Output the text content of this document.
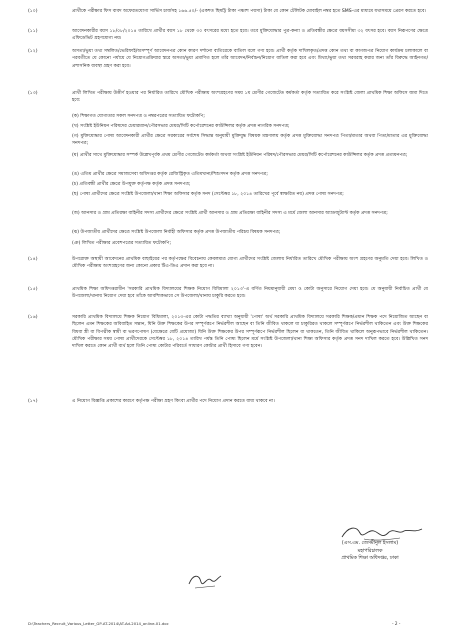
(১০)	প্রার্থীকে পরীক্ষার ফিস বাবদ অফেরতযোগ্য সার্ভিস চার্জসহ ১৬৬.৫০/- (একশত ছিষট্টি টাকা পঞ্চাশ পয়সা) টাকা যে কোন টেলিটক মোবাইল নম্বর হতে SMS-এর মাধ্যমে যথাসময়ে প্রেরণ করতে হবে।
(১১)	আবেদনকারীর বয়স ১৮/০৮/২০১৪ তারিখে প্রার্থীর বয়স ১৮ থেকে ৩০ বৎসরের মধ্যে হতে হবে। তবে মুক্তিযোদ্ধার পুত্র-কন্যা ও প্রতিবন্ধীর ক্ষেত্রে বয়সসীমা ৩২ বৎসর হবে। বয়স নিরূপণের ক্ষেত্রে এফিডেভিট গ্রহণযোগ্য নয়।
(১২)	অসত্য/ভুয়া তথ্য সম্বলিত/ভেরিফাই/অসম্পূর্ণ আবেদনপত্র কোন কারণ দর্শানো ব্যতিরেকে বাতিল বলে গণ্য হবে। প্রার্থী কর্তৃক দাখিলকৃত/প্রদত্ত কোন তথ্য বা কাগজপত্র নিয়োগ কার্যক্রম চলাকালে বা পরবর্তীতে যে কোনো পর্যায়ে যে নিয়োগপ্রক্রিয়ার স্তরে অসত্য/ভুয়া প্রমাণিত হলে তাঁর আবেদন/নির্বাচন/নিয়োগ বাতিল করা হবে এবং মিথ্যা/ভুয়া তথ্য সরবরাহ করার জন্য তাঁর বিরুদ্ধে আইনগত/প্রশাসনিক ব্যবস্থা গ্রহণ করা হবে।
(১৩)	প্রার্থী লিখিত পরীক্ষায় উত্তীর্ণ হওয়ার পর নির্ধারিত তারিখে মৌখিক পরীক্ষায় অংশগ্রহণের সময় ১ম শ্রেণীর গেজেটেড কর্মকর্তা কর্তৃক সত্যায়িত করে সংশ্লিষ্ট জেলা প্রাথমিক শিক্ষা অফিসে জমা দিতে হবে:
(ক) শিক্ষাগত যোগ্যতার সকল সনদপত্র ও নম্বরপত্রের সত্যায়িত ফটোকপি;
(খ) সংশ্লিষ্ট ইউনিয়ন পরিষদের চেয়ারম্যান/পৌরসভার মেয়র/সিটি কর্পোরেশনের কাউন্সিলর কর্তৃক প্রদত্ত নাগরিক সনদপত্র;
(গ) মুক্তিযোদ্ধার পোষ্য আবেদনকারী প্রার্থীর ক্ষেত্রে সরকারের সর্বশেষ সিদ্ধান্ত অনুযায়ী মুক্তিযুদ্ধ বিষয়ক মন্ত্রণালয় কর্তৃক প্রদত্ত মুক্তিযোদ্ধা সনদপত্র পিতা/মাতার অথবা পিতা/মাতার এর মুক্তিযোদ্ধা সনদপত্র;
(ঘ) প্রার্থীর সাথে মুক্তিযোদ্ধার সম্পর্ক উল্লেখপূর্বক প্রথম শ্রেণীর গেজেটেড কর্মকর্তা অথবা সংশ্লিষ্ট ইউনিয়ন পরিষদ/পৌরসভার মেয়র/সিটি কর্পোরেশনের কাউন্সিলর কর্তৃক প্রদত্ত প্রত্যয়নপত্র;
(ঙ) এতিম প্রার্থীর ক্ষেত্রে সমাজসেবা অধিদপ্তর কর্তৃক রেজিস্ট্রিকৃত এতিমখানা/শিশুসদন কর্তৃক প্রদত্ত সনদপত্র;
(চ) প্রতিবন্ধী প্রার্থীর ক্ষেত্রে উপযুক্ত কর্তৃপক্ষ কর্তৃক প্রদত্ত সনদপত্র;
(ছ) পোষ্য প্রার্থীদের ক্ষেত্রে সংশ্লিষ্ট উপজেলা/থানা শিক্ষা অফিসার কর্তৃক সনদ (সেপ্টেম্বর ১৮, ২০১৪ তারিখের পূর্বে স্বাক্ষরিত নয়) প্রদত্ত পোষ্য সনদপত্র;
(জ) আনসার ও গ্রাম প্রতিরক্ষা বাহিনীর সদস্য প্রার্থীদের ক্ষেত্রে সংশ্লিষ্ট প্রার্থী আনসার ও গ্রাম প্রতিরক্ষা বাহিনীর সদস্য এ মর্মে জেলা আনসার অ্যাডজুট্যান্ট কর্তৃক প্রদত্ত সনদপত্র;
(ঝ) উপজাতীয় প্রার্থীদের ক্ষেত্রে সংশ্লিষ্ট উপজেলা নির্বাহী অফিসার কর্তৃক প্রদত্ত উপজাতীয় পরিচয় বিষয়ক সনদপত্র;
(ঞ) লিখিত পরীক্ষার প্রবেশপত্রের সত্যায়িত ফটোকপি;
(১৪)	উপরোক্ত অস্থায়ী আবেদনের প্রাথমিক বাছাইয়ের পর কর্তৃপক্ষের বিবেচনায় কেবলমাত্র যোগ্য প্রার্থীদের সংশ্লিষ্ট জেলায় নির্ধারিত তারিখে মৌখিক পরীক্ষায় অংশ গ্রহণের অনুমতি দেয়া হবে। লিখিত ও মৌখিক পরীক্ষায় অংশগ্রহণের জন্য কোনো প্রকার টিএ-ডিএ প্রদান করা হবে না।
(১৫)	প্রাথমিক শিক্ষা অধিদপ্তরাধীন 'সরকারি প্রাথমিক বিদ্যালয়ের শিক্ষক নিয়োগ বিধিমালা ২০১৩'-এ বর্ণিত নিয়মানুযায়ী মেধা ও কোটা অনুসারে নিয়োগ দেয়া হবে। যে অনুযায়ী নির্বাচিত প্রার্থী যে উপজেলা/থানায় নিয়োগ দেয়া হবে তাঁকে আবশ্যিকভাবে সে উপজেলা/থানায় চাকুরি করতে হবে।
(১৬)	সরকারি প্রাথমিক বিদ্যালয়ে শিক্ষক নিয়োগ বিধিমালা, ২০১৩-এর কোটা পদ্ধতির ব্যাখ্যা অনুযায়ী 'পোষ্য' অর্থ সরকারি প্রাথমিক বিদ্যালয়ে সরকারি শিক্ষক/প্রধান শিক্ষক পদে নিয়োজিত আছেন বা ছিলেন এমন শিক্ষকের অবিবাহিত সন্তান, যিনি উক্ত শিক্ষকের উপর সম্পূর্ণরূপে নির্ভরশীল আছেন বা তিনি জীবিত থাকলে যা চাকুরিরত থাকলে সম্পূর্ণরূপে নির্ভরশীল থাকিতেন এবং উক্ত শিক্ষকের বিধবা স্ত্রী বা বিপত্নীক স্বামী বা ভরণপোষণ (যেক্ষেত্রে যেটি প্রযোজ্য) যিনি উক্ত শিক্ষকের উপর সম্পূর্ণরূপে নির্ভরশীল ছিলেন বা থাকতেন, তিনি জীবিত থাকিলে অনুরূপভাবে নির্ভরশীল থাকিতেন। মৌখিক পরীক্ষার সময় পোষ্য প্রার্থীদেরকে সেপ্টেম্বর ১৮, ২০১৪ তারিখ পর্যন্ত তিনি পোষ্য ছিলেন মর্মে সংশ্লিষ্ট উপজেলা/থানা শিক্ষা অফিসার কর্তৃক প্রদত্ত সনদ দাখিল করতে হবে। উল্লিখিত সনদ দাখিল করতে কোন প্রার্থী ব্যর্থ হলে তিনি পোষ্য কোটার পরিবর্তে সাধারণ কোটার প্রার্থী হিসাবে গণ্য হবেন।
(১৭)	এ নিয়োগ বিজ্ঞপ্তি প্রকাশের কারণে কর্তৃপক্ষ পরীক্ষা গ্রহণ কিংবা প্রার্থীর পদে নিয়োগ প্রদান করতে বাধ্য থাকবে না।
(এস.এম. জেসমীনুল ইসলাম)
মহাপরিচালক
প্রাথমিক শিক্ষা অধিদপ্তর, ঢাকা
D:\Teachers_Recruit_Various_Letter_GP-AT-2014\AT-Ad-2014_online-01.doc	- 2 -
